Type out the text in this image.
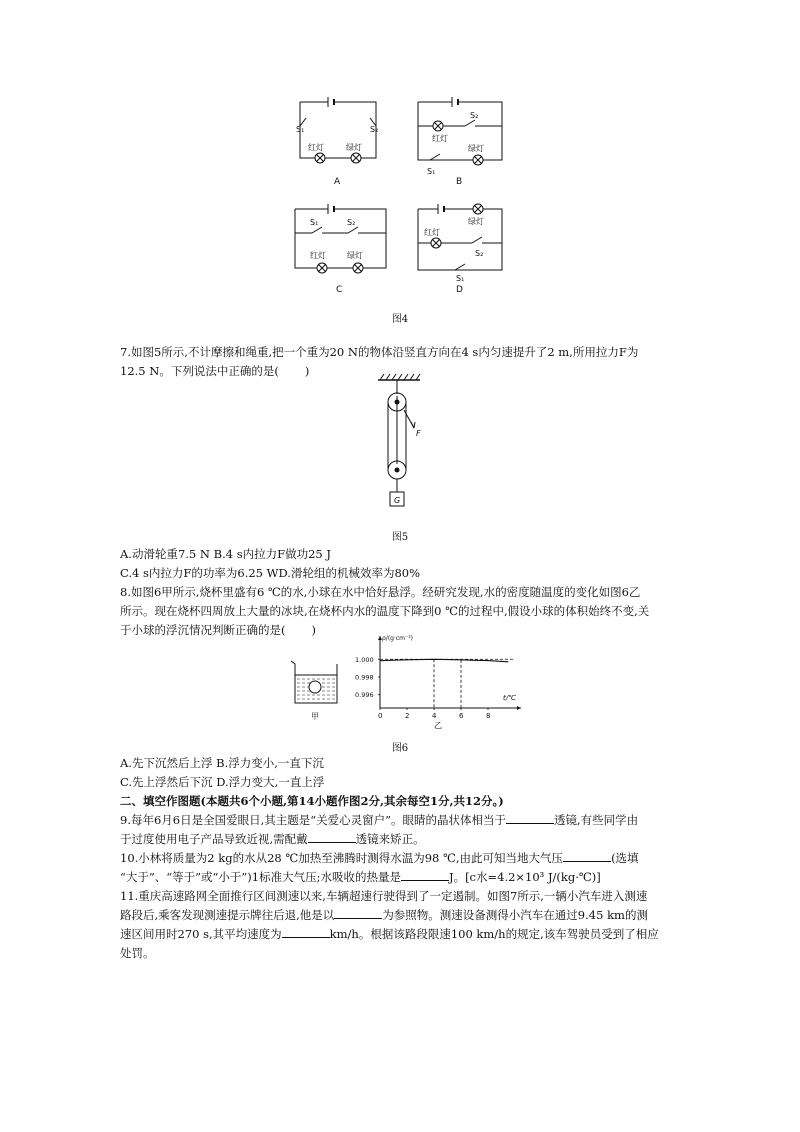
S₁	S₂
红灯	绿灯
A
S₂
红灯
绿灯
S₁
B
S₁	S₂
红灯	绿灯
C
绿灯
红灯
S₂
S₁
D
图4
7.如图5所示,不计摩擦和绳重,把一个重为20 N的物体沿竖直方向在4 s内匀速提升了2 m,所用拉力F为
12.5 N。下列说法中正确的是( )
F
G
图5
A.动滑轮重7.5 N B.4 s内拉力F做功25 J
C.4 s内拉力F的功率为6.25 WD.滑轮组的机械效率为80%
8.如图6甲所示,烧杯里盛有6 ℃的水,小球在水中恰好悬浮。经研究发现,水的密度随温度的变化如图6乙
所示。现在烧杯四周放上大量的冰块,在烧杯内水的温度下降到0 ℃的过程中,假设小球的体积始终不变,关
于小球的浮沉情况判断正确的是( )
甲
ρ/(g·cm⁻³)
t/℃
0	2	4	6	8
1.000
0.998
0.996
乙
图6
A.先下沉然后上浮 B.浮力变小,一直下沉
C.先上浮然后下沉 D.浮力变大,一直上浮
二、填空作图题(本题共6个小题,第14小题作图2分,其余每空1分,共12分。)
9.每年6月6日是全国爱眼日,其主题是“关爱心灵窗户”。眼睛的晶状体相当于	透镜,有些同学由
于过度使用电子产品导致近视,需配戴	透镜来矫正。
10.小林将质量为2 kg的水从28 ℃加热至沸腾时测得水温为98 ℃,由此可知当地大气压	(选填
“大于”、“等于”或“小于”)1标准大气压;水吸收的热量是	J。[c水=4.2×10³ J/(kg·℃)]
11.重庆高速路网全面推行区间测速以来,车辆超速行驶得到了一定遏制。如图7所示,一辆小汽车进入测速
路段后,乘客发现测速提示牌往后退,他是以	为参照物。测速设备测得小汽车在通过9.45 km的测
速区间用时270 s,其平均速度为	km/h。根据该路段限速100 km/h的规定,该车驾驶员受到了相应
处罚。
